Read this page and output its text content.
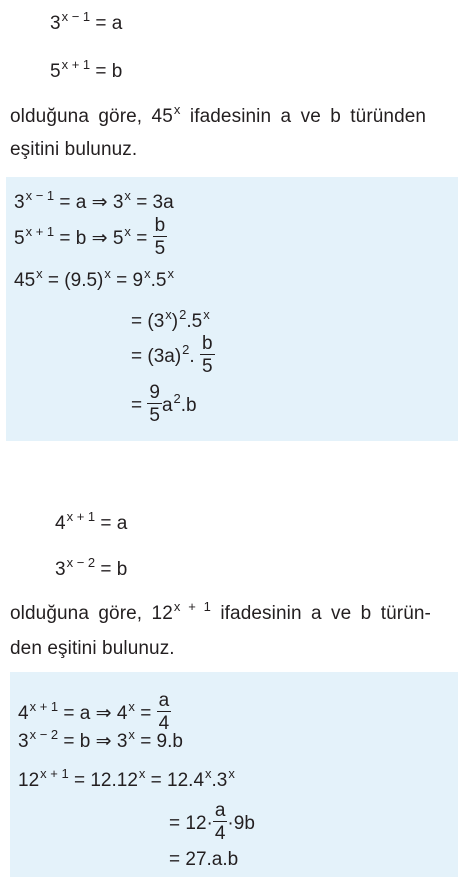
$3^{x - 1} = a$
$5^{x + 1} = b$
olduğuna göre, 45$^x$ ifadesinin a ve b türünden
eşitini bulunuz.
$3^{x - 1} = a$ ⇒ $3^x = 3a$
$5^{x + 1} = b$ ⇒ $5^x = \frac{b}{5}$
$45^x = (9.5)^x = 9^x.5^x$
= $(3^x)^2.5^x$
= $(3a)^2$. $\frac{b}{5}$
= $\frac{9}{5} a^2.b$
$4^{x + 1} = a$
$3^{x - 2} = b$
olduğuna göre, $12^{x + 1}$ ifadesinin a ve b türün-
den eşitini bulunuz.
$4^{x + 1} = a$ ⇒ $4^x = \frac{a}{4}$
$3^{x - 2} = b$ ⇒ $3^x = 9.b$
$12^{x + 1} = 12.12^x = 12.4^x.3^x$
= $12\cdot \frac{a}{4} \cdot 9b$
= 27.a.b
